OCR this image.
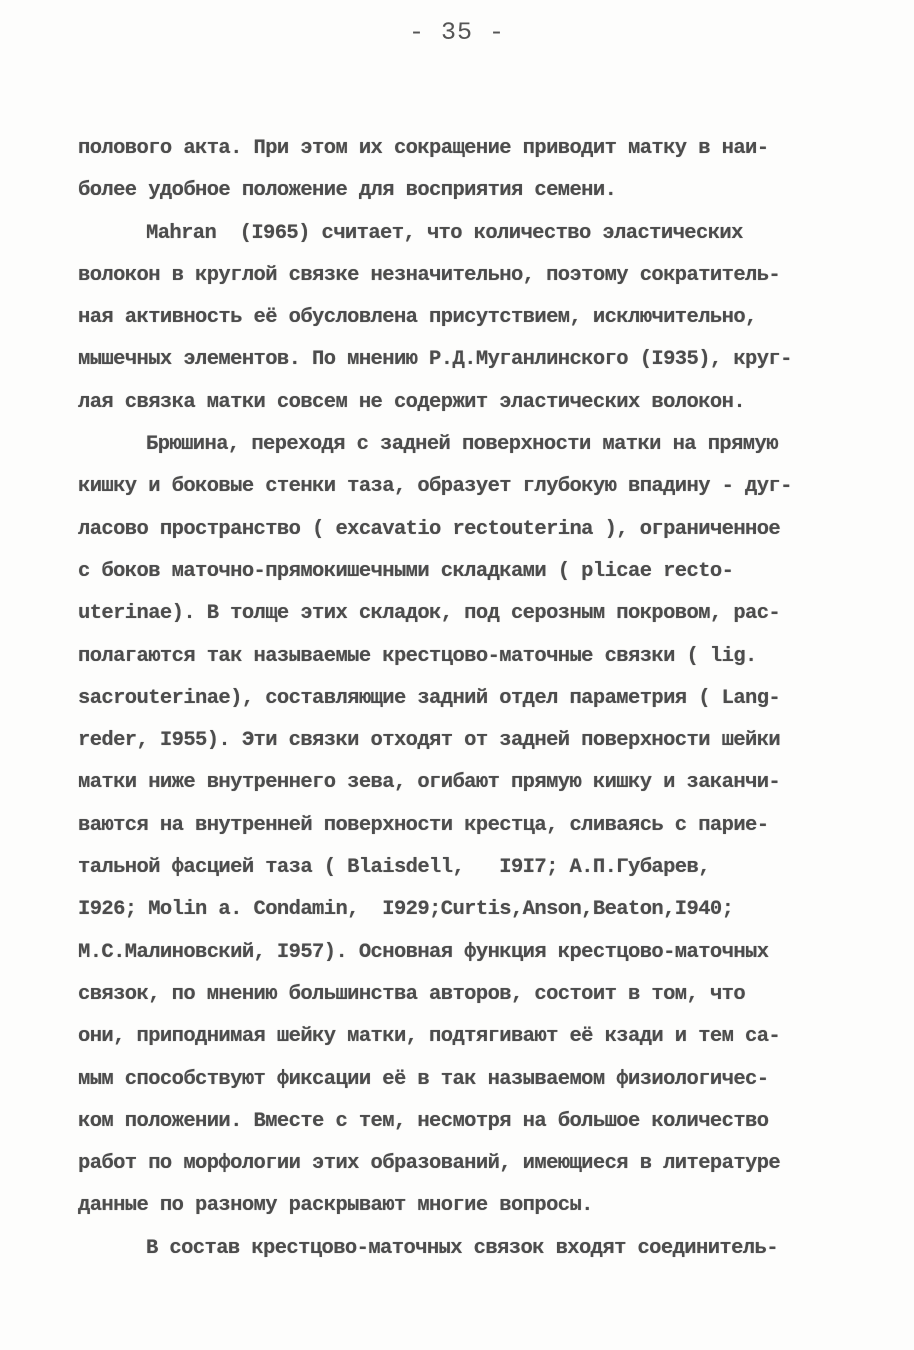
- 35 -
полового акта. При этом их сокращение приводит матку в наи-
более удобное положение для восприятия семени.
Mahran  (I965) считает, что количество эластических
волокон в круглой связке незначительно, поэтому сократитель-
ная активность её обусловлена присутствием, исключительно,
мышечных элементов. По мнению Р.Д.Муганлинского (I935), круг-
лая связка матки совсем не содержит эластических волокон.
Брюшина, переходя с задней поверхности матки на прямую
кишку и боковые стенки таза, образует глубокую впадину - дуг-
ласово пространство ( excavatio rectouterina ), ограниченное
с боков маточно-прямокишечными складками ( plicae recto-
uterinae). В толще этих складок, под серозным покровом, рас-
полагаются так называемые крестцово-маточные связки ( lig.
sacrouterinae), составляющие задний отдел параметрия ( Lang-
reder, I955). Эти связки отходят от задней поверхности шейки
матки ниже внутреннего зева, огибают прямую кишку и заканчи-
ваются на внутренней поверхности крестца, сливаясь с парие-
тальной фасцией таза ( Blaisdell,   I9I7; А.П.Губарев,
I926; Molin a. Condamin,  I929;Curtis,Anson,Beaton,I940;
М.С.Малиновский, I957). Основная функция крестцово-маточных
связок, по мнению большинства авторов, состоит в том, что
они, приподнимая шейку матки, подтягивают её кзади и тем са-
мым способствуют фиксации её в так называемом физиологичес-
ком положении. Вместе с тем, несмотря на большое количество
работ по морфологии этих образований, имеющиеся в литературе
данные по разному раскрывают многие вопросы.
В состав крестцово-маточных связок входят соединитель-
